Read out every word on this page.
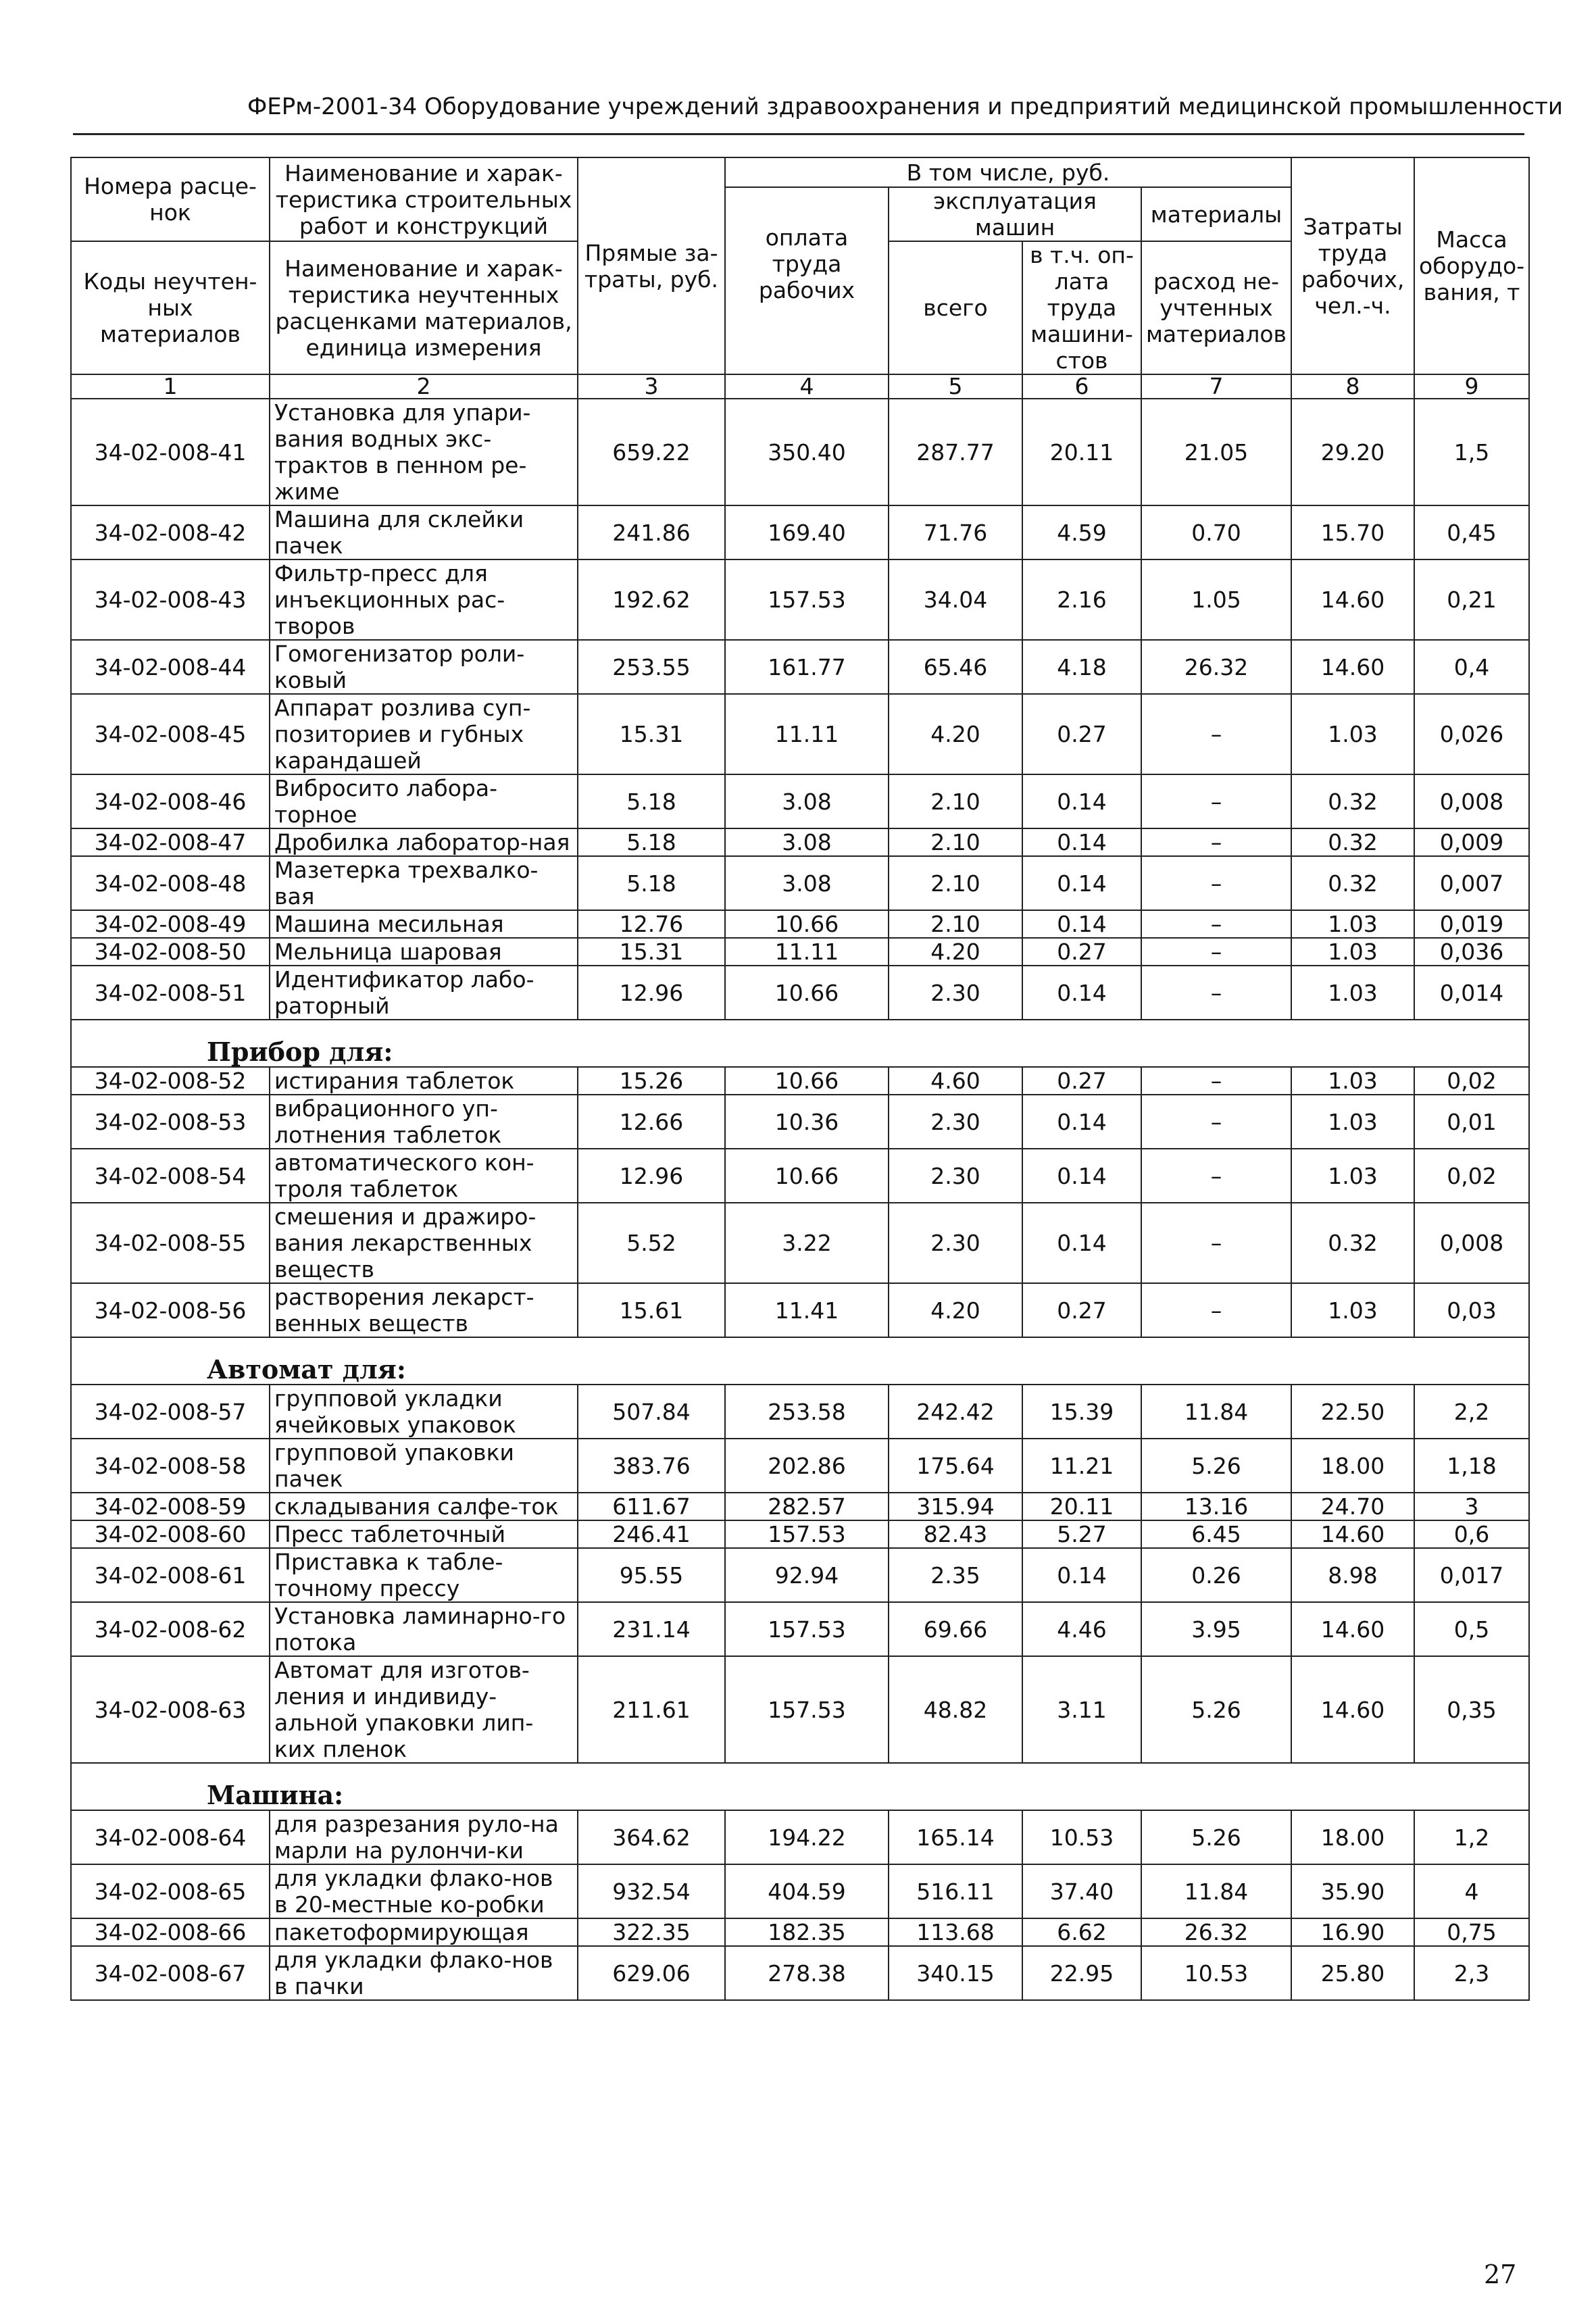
ФЕРм-2001-34 Оборудование учреждений здравоохранения и предприятий медицинской промышленности
Номера расце-нок	Наименование и харак-теристика строительных работ и конструкций	Прямые за-траты, руб.	В том числе, руб.				Затраты труда рабочих, чел.-ч.	Масса оборудо-вания, т
			оплата труда рабочих	эксплуатация машин		материалы		
Коды неучтен-ных материалов	Наименование и харак-теристика неучтенных расценками материалов, единица измерения			всего	в т.ч. оп-лата труда машини-стов	расход не-учтенных материалов		

1	2	3	4	5	6	7	8	9
34-02-008-41	Установка для упари-вания водных экс-трактов в пенном ре-жиме	659.22	350.40	287.77	20.11	21.05	29.20	1,5
34-02-008-42	Машина для склейки пачек	241.86	169.40	71.76	4.59	0.70	15.70	0,45
34-02-008-43	Фильтр-пресс для инъекционных рас-творов	192.62	157.53	34.04	2.16	1.05	14.60	0,21
34-02-008-44	Гомогенизатор роли-ковый	253.55	161.77	65.46	4.18	26.32	14.60	0,4
34-02-008-45	Аппарат розлива суп-позиториев и губных карандашей	15.31	11.11	4.20	0.27	–	1.03	0,026
34-02-008-46	Вибросито лабора-торное	5.18	3.08	2.10	0.14	–	0.32	0,008
34-02-008-47	Дробилка лаборатор-ная	5.18	3.08	2.10	0.14	–	0.32	0,009
34-02-008-48	Мазетерка трехвалко-вая	5.18	3.08	2.10	0.14	–	0.32	0,007
34-02-008-49	Машина месильная	12.76	10.66	2.10	0.14	–	1.03	0,019
34-02-008-50	Мельница шаровая	15.31	11.11	4.20	0.27	–	1.03	0,036
34-02-008-51	Идентификатор лабо-раторный	12.96	10.66	2.30	0.14	–	1.03	0,014
Прибор для:								
34-02-008-52	истирания таблеток	15.26	10.66	4.60	0.27	–	1.03	0,02
34-02-008-53	вибрационного уп-лотнения таблеток	12.66	10.36	2.30	0.14	–	1.03	0,01
34-02-008-54	автоматического кон-троля таблеток	12.96	10.66	2.30	0.14	–	1.03	0,02
34-02-008-55	смешения и дражиро-вания лекарственных веществ	5.52	3.22	2.30	0.14	–	0.32	0,008
34-02-008-56	растворения лекарст-венных веществ	15.61	11.41	4.20	0.27	–	1.03	0,03
Автомат для:								
34-02-008-57	групповой укладки ячейковых упаковок	507.84	253.58	242.42	15.39	11.84	22.50	2,2
34-02-008-58	групповой упаковки пачек	383.76	202.86	175.64	11.21	5.26	18.00	1,18
34-02-008-59	складывания салфе-ток	611.67	282.57	315.94	20.11	13.16	24.70	3
34-02-008-60	Пресс таблеточный	246.41	157.53	82.43	5.27	6.45	14.60	0,6
34-02-008-61	Приставка к табле-точному прессу	95.55	92.94	2.35	0.14	0.26	8.98	0,017
34-02-008-62	Установка ламинарно-го потока	231.14	157.53	69.66	4.46	3.95	14.60	0,5
34-02-008-63	Автомат для изготов-ления и индивиду-альной упаковки лип-ких пленок	211.61	157.53	48.82	3.11	5.26	14.60	0,35
Машина:								
34-02-008-64	для разрезания руло-на марли на рулончи-ки	364.62	194.22	165.14	10.53	5.26	18.00	1,2
34-02-008-65	для укладки флако-нов в 20-местные ко-робки	932.54	404.59	516.11	37.40	11.84	35.90	4
34-02-008-66	пакетоформирующая	322.35	182.35	113.68	6.62	26.32	16.90	0,75
34-02-008-67	для укладки флако-нов в пачки	629.06	278.38	340.15	22.95	10.53	25.80	2,3
27
